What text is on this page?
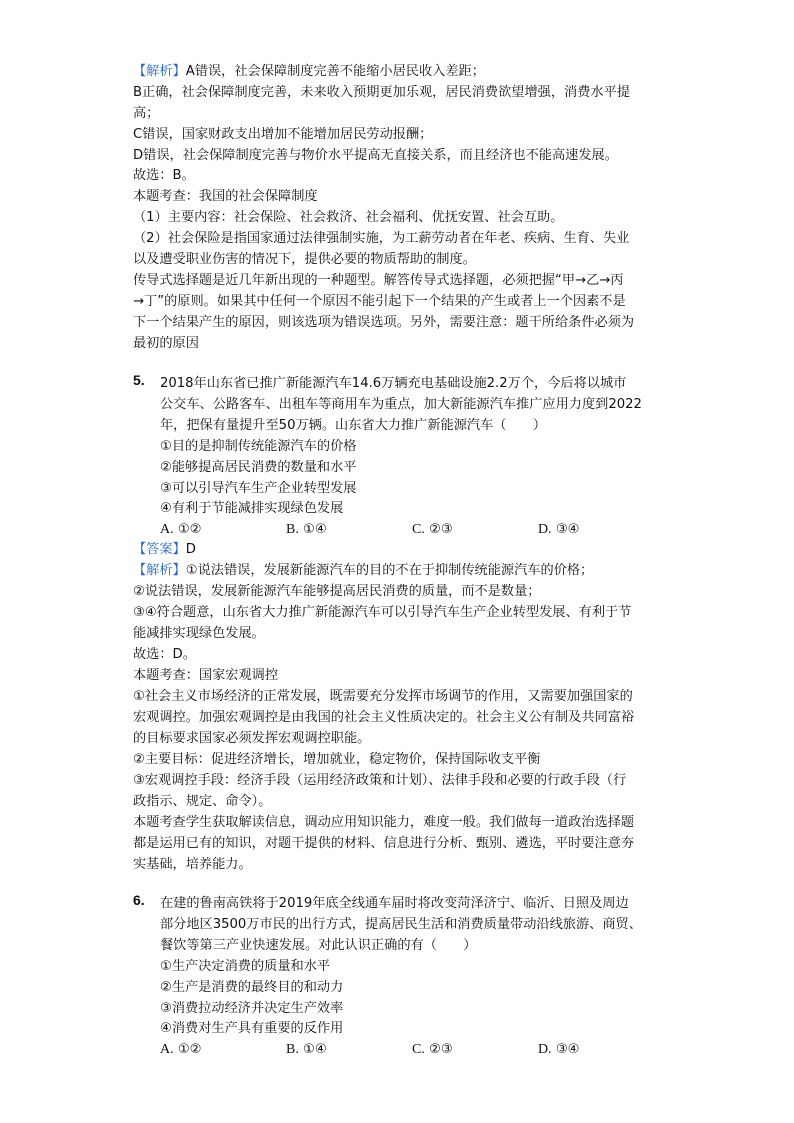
【解析】A错误，社会保障制度完善不能缩小居民收入差距；
B正确，社会保障制度完善，未来收入预期更加乐观，居民消费欲望增强，消费水平提
高；
C错误，国家财政支出增加不能增加居民劳动报酬；
D错误，社会保障制度完善与物价水平提高无直接关系，而且经济也不能高速发展。
故选：B。
本题考查：我国的社会保障制度
（1）主要内容：社会保险、社会救济、社会福利、优抚安置、社会互助。
（2）社会保险是指国家通过法律强制实施，为工薪劳动者在年老、疾病、生育、失业
以及遭受职业伤害的情况下，提供必要的物质帮助的制度。
传导式选择题是近几年新出现的一种题型。解答传导式选择题，必须把握“甲→乙→丙
→丁”的原则。如果其中任何一个原因不能引起下一个结果的产生或者上一个因素不是
下一个结果产生的原因，则该选项为错误选项。另外，需要注意：题干所给条件必须为
最初的原因
5. 2018年山东省已推广新能源汽车14.6万辆充电基础设施2.2万个，今后将以城市
公交车、公路客车、出租车等商用车为重点，加大新能源汽车推广应用力度到2022
年，把保有量提升至50万辆。山东省大力推广新能源汽车（　　）
①目的是抑制传统能源汽车的价格
②能够提高居民消费的数量和水平
③可以引导汽车生产企业转型发展
④有利于节能减排实现绿色发展
A. ①②	B. ①④	C. ②③	D. ③④
【答案】D
【解析】①说法错误，发展新能源汽车的目的不在于抑制传统能源汽车的价格；
②说法错误，发展新能源汽车能够提高居民消费的质量，而不是数量；
③④符合题意，山东省大力推广新能源汽车可以引导汽车生产企业转型发展、有利于节
能减排实现绿色发展。
故选：D。
本题考查：国家宏观调控
①社会主义市场经济的正常发展，既需要充分发挥市场调节的作用，又需要加强国家的
宏观调控。加强宏观调控是由我国的社会主义性质决定的。社会主义公有制及共同富裕
的目标要求国家必须发挥宏观调控职能。
②主要目标：促进经济增长，增加就业，稳定物价，保持国际收支平衡
③宏观调控手段：经济手段（运用经济政策和计划）、法律手段和必要的行政手段（行
政指示、规定、命令）。
本题考查学生获取解读信息，调动应用知识能力，难度一般。我们做每一道政治选择题
都是运用已有的知识，对题干提供的材料、信息进行分析、甄别、遴选，平时要注意夯
实基础，培养能力。
6. 在建的鲁南高铁将于2019年底全线通车届时将改变菏泽济宁、临沂、日照及周边
部分地区3500万市民的出行方式，提高居民生活和消费质量带动沿线旅游、商贸、
餐饮等第三产业快速发展。对此认识正确的有（　　）
①生产决定消费的质量和水平
②生产是消费的最终目的和动力
③消费拉动经济并决定生产效率
④消费对生产具有重要的反作用
A. ①②	B. ①④	C. ②③	D. ③④
